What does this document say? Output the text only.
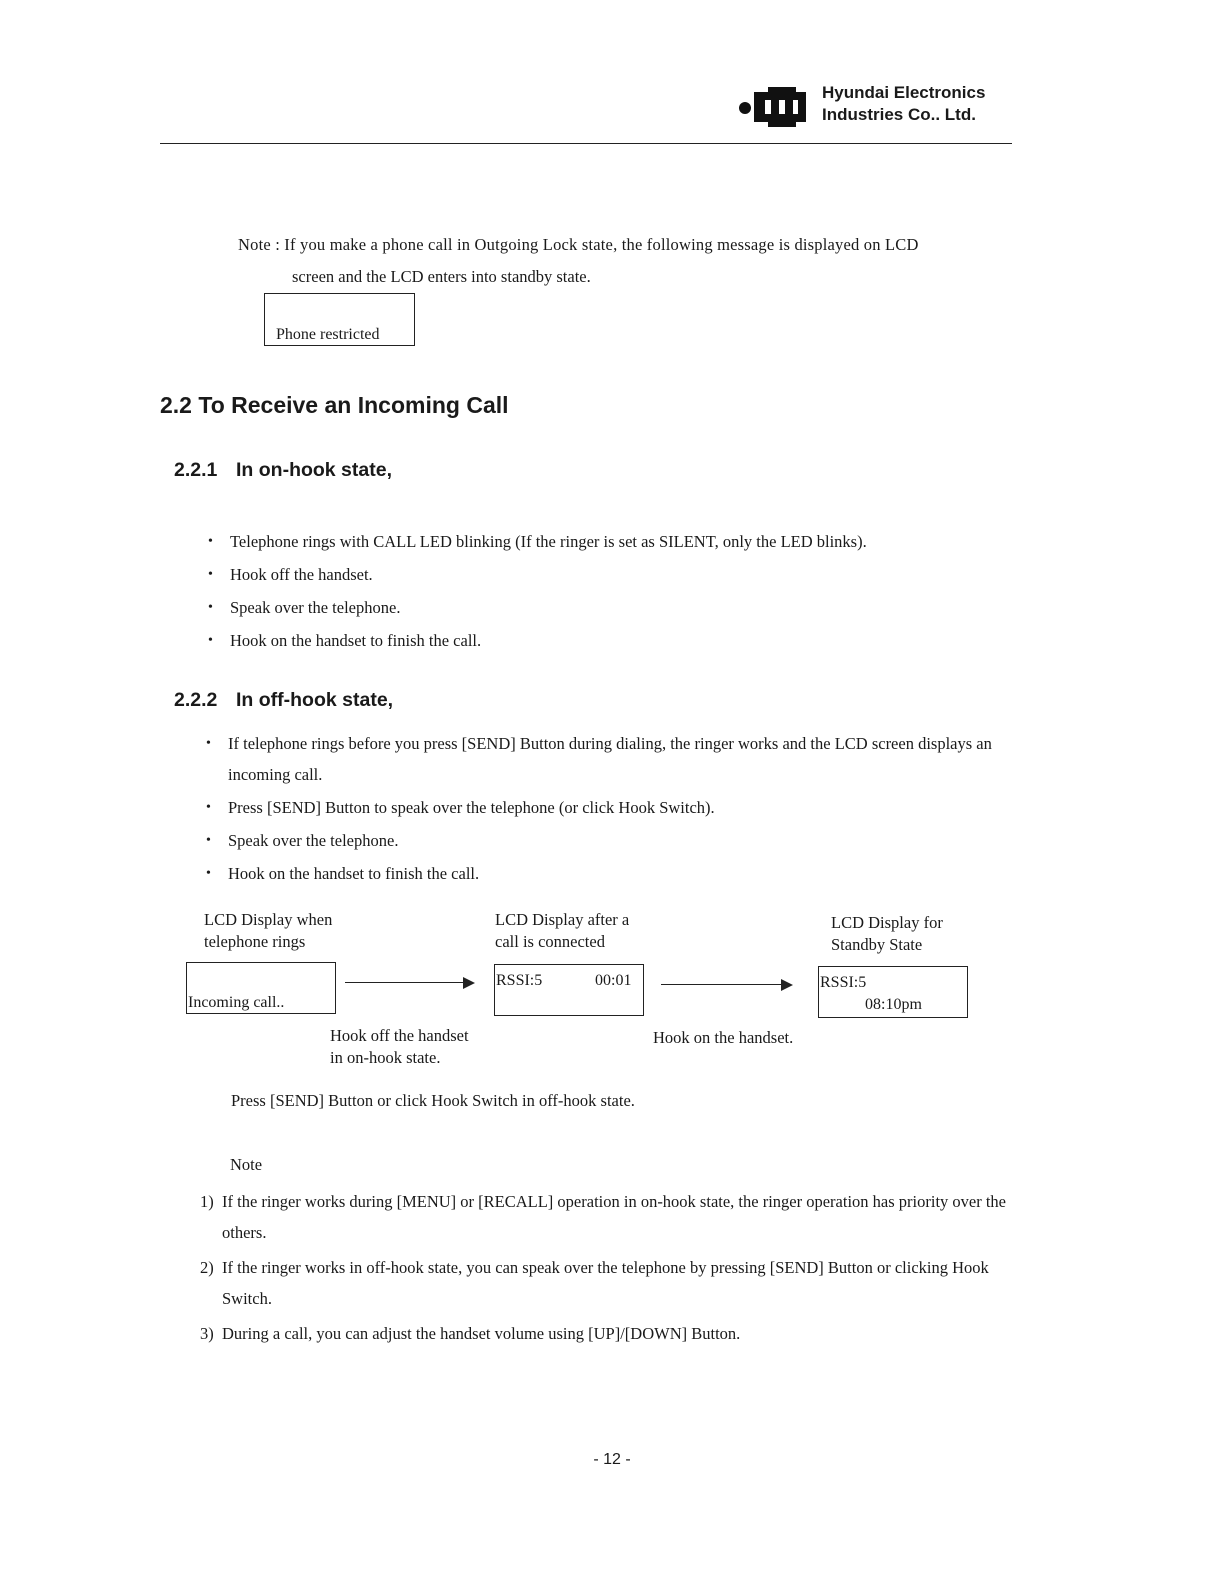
Hyundai Electronics
Industries Co.. Ltd.
Note : If you make a phone call in Outgoing Lock state, the following message is displayed on LCD
screen and the LCD enters into standby state.
Phone restricted
2.2 To Receive an Incoming Call
2.2.1 In on-hook state,
• Telephone rings with CALL LED blinking (If the ringer is set as SILENT, only the LED blinks).
• Hook off the handset.
• Speak over the telephone.
• Hook on the handset to finish the call.
2.2.2 In off-hook state,
• If telephone rings before you press [SEND] Button during dialing, the ringer works and the LCD screen displays an incoming call.
• Press [SEND] Button to speak over the telephone (or click Hook Switch).
• Speak over the telephone.
• Hook on the handset to finish the call.
LCD Display when
telephone rings
LCD Display after a
call is connected
LCD Display for
Standby State
Incoming call..
RSSI:5	00:01	RSSI:5
08:10pm
Hook off the handset
in on-hook state.
Hook on the handset.
Press [SEND] Button or click Hook Switch in off-hook state.
Note
1) If the ringer works during [MENU] or [RECALL] operation in on-hook state, the ringer operation has priority over the others.
2) If the ringer works in off-hook state, you can speak over the telephone by pressing [SEND] Button or clicking Hook Switch.
3) During a call, you can adjust the handset volume using [UP]/[DOWN] Button.
- 12 -
